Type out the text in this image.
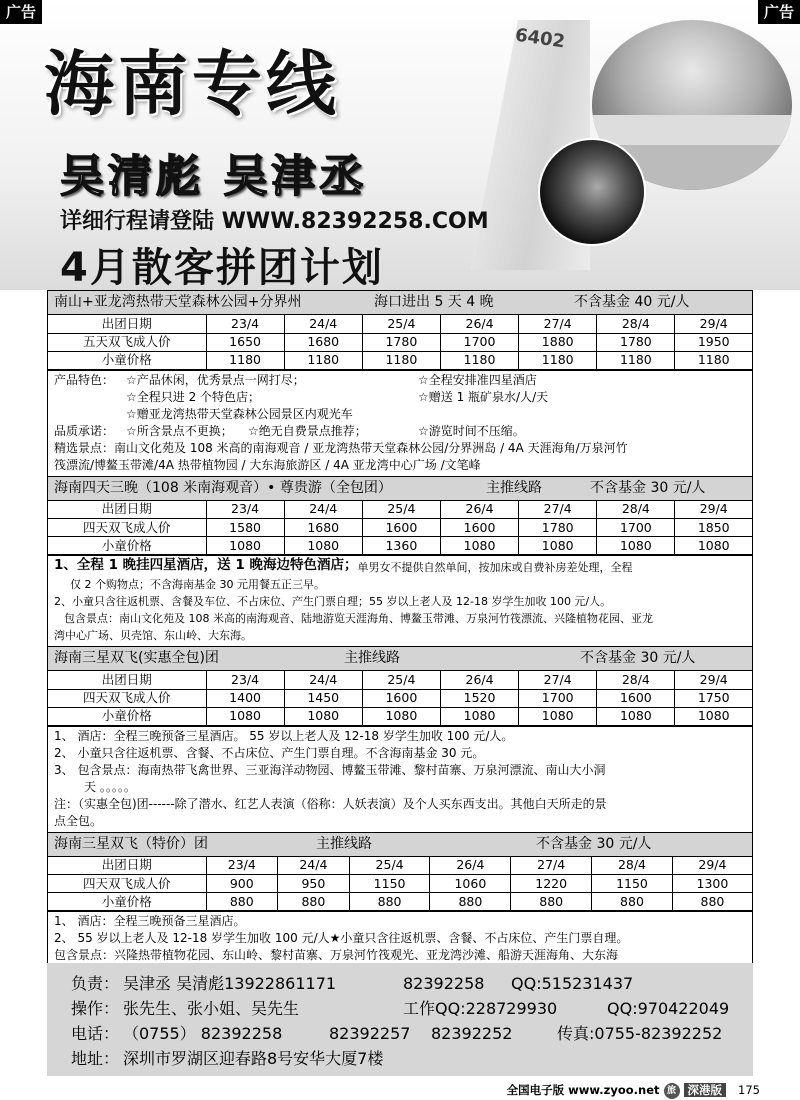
广告	广告
6402
海南专线
吴清彪 吴津丞
详细行程请登陆 WWW.82392258.COM
4月散客拼团计划
南山+亚龙湾热带天堂森林公园+分界州	海口进出 5 天 4 晚	不含基金 40 元/人
出团日期	23/4	24/4	25/4	26/4	27/4	28/4	29/4
五天双飞成人价	1650	1680	1780	1700	1880	1780	1950
小童价格	1180	1180	1180	1180	1180	1180	1180
产品特色： ☆产品休闲，优秀景点一网打尽；	☆全程安排准四星酒店
☆全程只进 2 个特色店；	☆赠送 1 瓶矿泉水/人/天
☆赠亚龙湾热带天堂森林公园景区内观光车
品质承诺： ☆所含景点不更换；	☆绝无自费景点推荐；	☆游览时间不压缩。
精选景点：南山文化苑及 108 米高的南海观音 / 亚龙湾热带天堂森林公园/分界洲岛 / 4A 天涯海角/万泉河竹
筏漂流/博鳌玉带滩/4A 热带植物园 / 大东海旅游区 / 4A 亚龙湾中心广场 /文笔峰
海南四天三晚（108 米南海观音）• 尊贵游（全包团）	主推线路	不含基金 30 元/人
出团日期	23/4	24/4	25/4	26/4	27/4	28/4	29/4
四天双飞成人价	1580	1680	1600	1600	1780	1700	1850
小童价格	1080	1080	1360	1080	1080	1080	1080
1、全程 1 晚挂四星酒店，送 1 晚海边特色酒店； 单男女不提供自然单间，按加床或自费补房差处理，全程
仅 2 个购物点；不含海南基金 30 元用餐五正三早。
2、小童只含往返机票、含餐及车位、不占床位、产生门票自理；55 岁以上老人及 12-18 岁学生加收 100 元/人。
包含景点：南山文化苑及 108 米高的南海观音、陆地游览天涯海角、博鳌玉带滩、万泉河竹筏漂流、兴隆植物花园、亚龙
湾中心广场、贝壳馆、东山岭、大东海。
海南三星双飞(实惠全包)团	主推线路	不含基金 30 元/人
出团日期	23/4	24/4	25/4	26/4	27/4	28/4	29/4
四天双飞成人价	1400	1450	1600	1520	1700	1600	1750
小童价格	1080	1080	1080	1080	1080	1080	1080
1、 酒店：全程三晚预备三星酒店。 55 岁以上老人及 12-18 岁学生加收 100 元/人。
2、 小童只含往返机票、含餐、不占床位、产生门票自理。不含海南基金 30 元。
3、 包含景点：海南热带飞禽世界、三亚海洋动物园、博鳌玉带滩、黎村苗寨、万泉河漂流、南山大小洞
天 。。。。。
注：（实惠全包)团------除了潜水、红艺人表演（俗称：人妖表演）及个人买东西支出。其他白天所走的景
点全包。
海南三星双飞（特价）团	主推线路	不含基金 30 元/人
出团日期	23/4	24/4	25/4	26/4	27/4	28/4	29/4
四天双飞成人价	900	950	1150	1060	1220	1150	1300
小童价格	880	880	880	880	880	880	880
1、 酒店：全程三晚预备三星酒店。
2、 55 岁以上老人及 12-18 岁学生加收 100 元/人★小童只含往返机票、含餐、不占床位、产生门票自理。
包含景点：兴隆热带植物花园、东山岭、黎村苗寨、万泉河竹筏观光、亚龙湾沙滩、船游天涯海角、大东海
负责： 吴津丞 吴清彪13922861171	82392258 QQ:515231437
操作： 张先生、张小姐、吴先生	工作QQ:228729930	QQ:970422049
电话： （0755） 82392258	82392257 82392252	传真:0755-82392252
地址： 深圳市罗湖区迎春路8号安华大厦7楼
全国电子版 www.zyoo.net 旅 深港版 175
